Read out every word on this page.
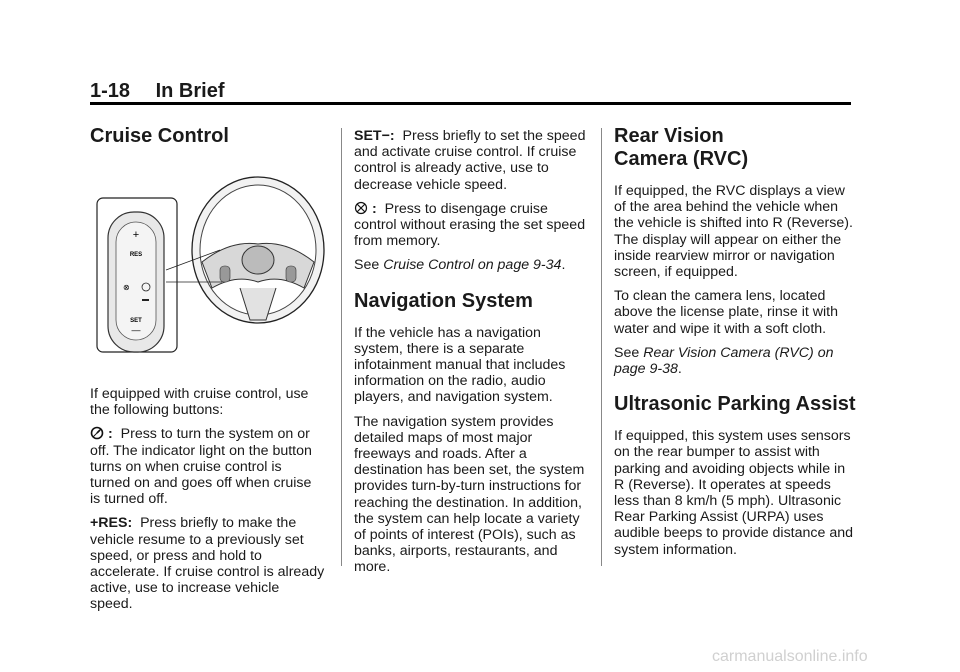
1-18 In Brief
Cruise Control
+
RES
⊗
SET
—

If equipped with cruise control, use the following buttons:

: Press to turn the system on or off. The indicator light on the button turns on when cruise control is turned on and goes off when cruise is turned off.

+RES: Press briefly to make the vehicle resume to a previously set speed, or press and hold to accelerate. If cruise control is already active, use to increase vehicle speed.

SET−: Press briefly to set the speed and activate cruise control. If cruise control is already active, use to decrease vehicle speed.

: Press to disengage cruise control without erasing the set speed from memory.

See Cruise Control on page 9-34.

Navigation System

If the vehicle has a navigation system, there is a separate infotainment manual that includes information on the radio, audio players, and navigation system.

The navigation system provides detailed maps of most major freeways and roads. After a destination has been set, the system provides turn-by-turn instructions for reaching the destination. In addition, the system can help locate a variety of points of interest (POIs), such as banks, airports, restaurants, and more.

Rear Vision
Camera (RVC)

If equipped, the RVC displays a view of the area behind the vehicle when the vehicle is shifted into R (Reverse). The display will appear on either the inside rearview mirror or navigation screen, if equipped.

To clean the camera lens, located above the license plate, rinse it with water and wipe it with a soft cloth.

See Rear Vision Camera (RVC) on page 9-38.

Ultrasonic Parking Assist

If equipped, this system uses sensors on the rear bumper to assist with parking and avoiding objects while in R (Reverse). It operates at speeds less than 8 km/h (5 mph). Ultrasonic Rear Parking Assist (URPA) uses audible beeps to provide distance and system information.

carmanualsonline.info
